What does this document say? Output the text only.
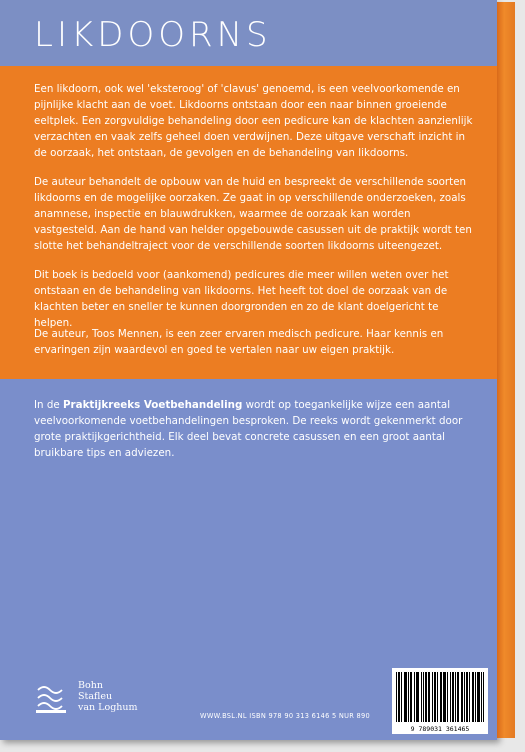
LIKDOORNS

Een likdoorn, ook wel 'eksteroog' of 'clavus' genoemd, is een veelvoorkomende en pijnlijke klacht aan de voet. Likdoorns ontstaan door een naar binnen groeiende eeltplek. Een zorgvuldige behandeling door een pedicure kan de klachten aanzienlijk verzachten en vaak zelfs geheel doen verdwijnen. Deze uitgave verschaft inzicht in de oorzaak, het ontstaan, de gevolgen en de behandeling van likdoorns.

De auteur behandelt de opbouw van de huid en bespreekt de verschillende soorten likdoorns en de mogelijke oorzaken. Ze gaat in op verschillende onderzoeken, zoals anamnese, inspectie en blauwdrukken, waarmee de oorzaak kan worden vastgesteld. Aan de hand van helder opgebouwde casussen uit de praktijk wordt ten slotte het behandeltraject voor de verschillende soorten likdoorns uiteengezet.

Dit boek is bedoeld voor (aankomend) pedicures die meer willen weten over het ontstaan en de behandeling van likdoorns. Het heeft tot doel de oorzaak van de klachten beter en sneller te kunnen doorgronden en zo de klant doelgericht te helpen.

De auteur, Toos Mennen, is een zeer ervaren medisch pedicure. Haar kennis en ervaringen zijn waardevol en goed te vertalen naar uw eigen praktijk.

In de Praktijkreeks Voetbehandeling wordt op toegankelijke wijze een aantal veelvoorkomende voetbehandelingen besproken. De reeks wordt gekenmerkt door grote praktijkgerichtheid. Elk deel bevat concrete casussen en een groot aantal bruikbare tips en adviezen.

Bohn
Stafleu
van Loghum
WWW.BSL.NL ISBN 978 90 313 6146 5 NUR 890
9 789031 361465
